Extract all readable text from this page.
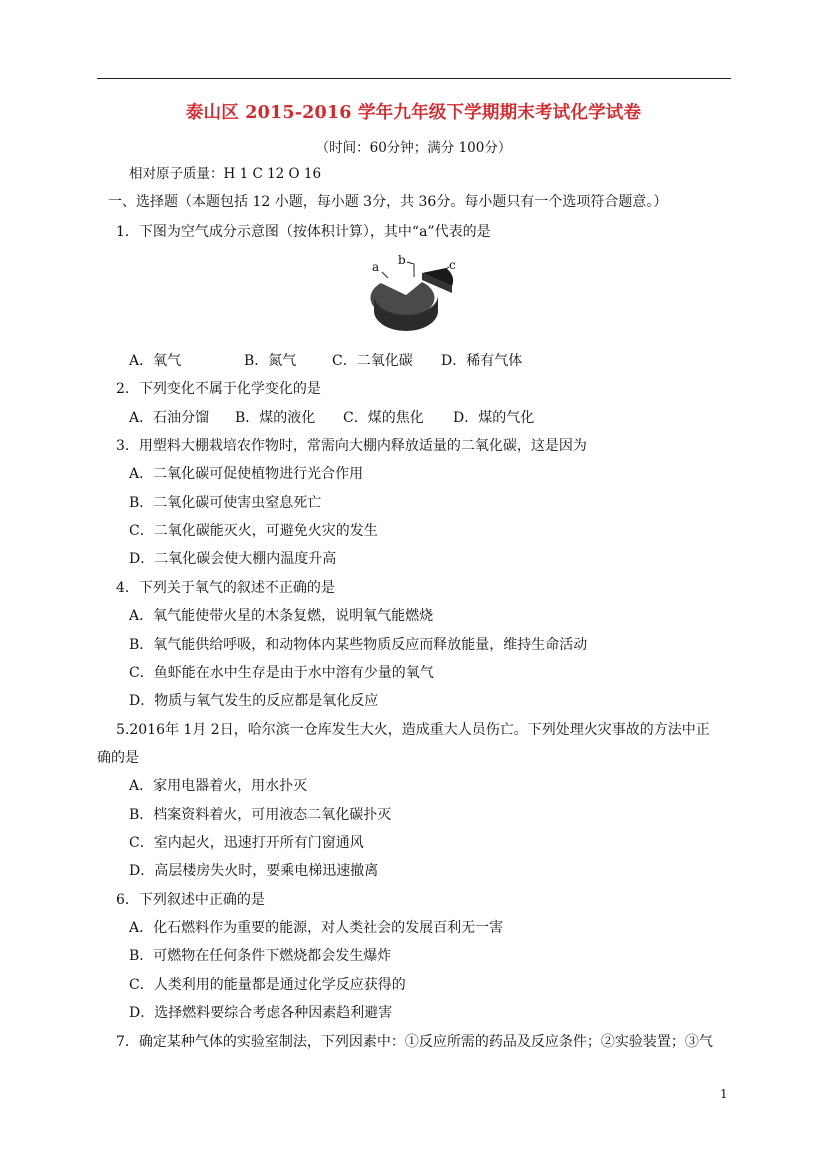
泰山区 2015-2016 学年九年级下学期期末考试化学试卷
（时间：60分钟；满分 100分）
相对原子质量：H 1 C 12 O 16
一、选择题（本题包括 12 小题，每小题 3分，共 36分。每小题只有一个选项符合题意。）
1．下图为空气成分示意图（按体积计算），其中“a”代表的是
a b	c
A．氧气	B．氮气	C．二氧化碳 D．稀有气体
2．下列变化不属于化学变化的是
A．石油分馏 B．煤的液化 C．煤的焦化 D．煤的气化
3．用塑料大棚栽培农作物时，常需向大棚内释放适量的二氧化碳，这是因为
A．二氧化碳可促使植物进行光合作用
B．二氧化碳可使害虫窒息死亡
C．二氧化碳能灭火，可避免火灾的发生
D．二氧化碳会使大棚内温度升高
4．下列关于氧气的叙述不正确的是
A．氧气能使带火星的木条复燃，说明氧气能燃烧
B．氧气能供给呼吸，和动物体内某些物质反应而释放能量，维持生命活动
C．鱼虾能在水中生存是由于水中溶有少量的氧气
D．物质与氧气发生的反应都是氧化反应
5.2016年 1月 2日，哈尔滨一仓库发生大火，造成重大人员伤亡。下列处理火灾事故的方法中正
确的是
A．家用电器着火，用水扑灭
B．档案资料着火，可用液态二氧化碳扑灭
C．室内起火，迅速打开所有门窗通风
D．高层楼房失火时，要乘电梯迅速撤离
6．下列叙述中正确的是
A．化石燃料作为重要的能源，对人类社会的发展百利无一害
B．可燃物在任何条件下燃烧都会发生爆炸
C．人类利用的能量都是通过化学反应获得的
D．选择燃料要综合考虑各种因素趋利避害
7．确定某种气体的实验室制法，下列因素中：①反应所需的药品及反应条件；②实验装置；③气
1
